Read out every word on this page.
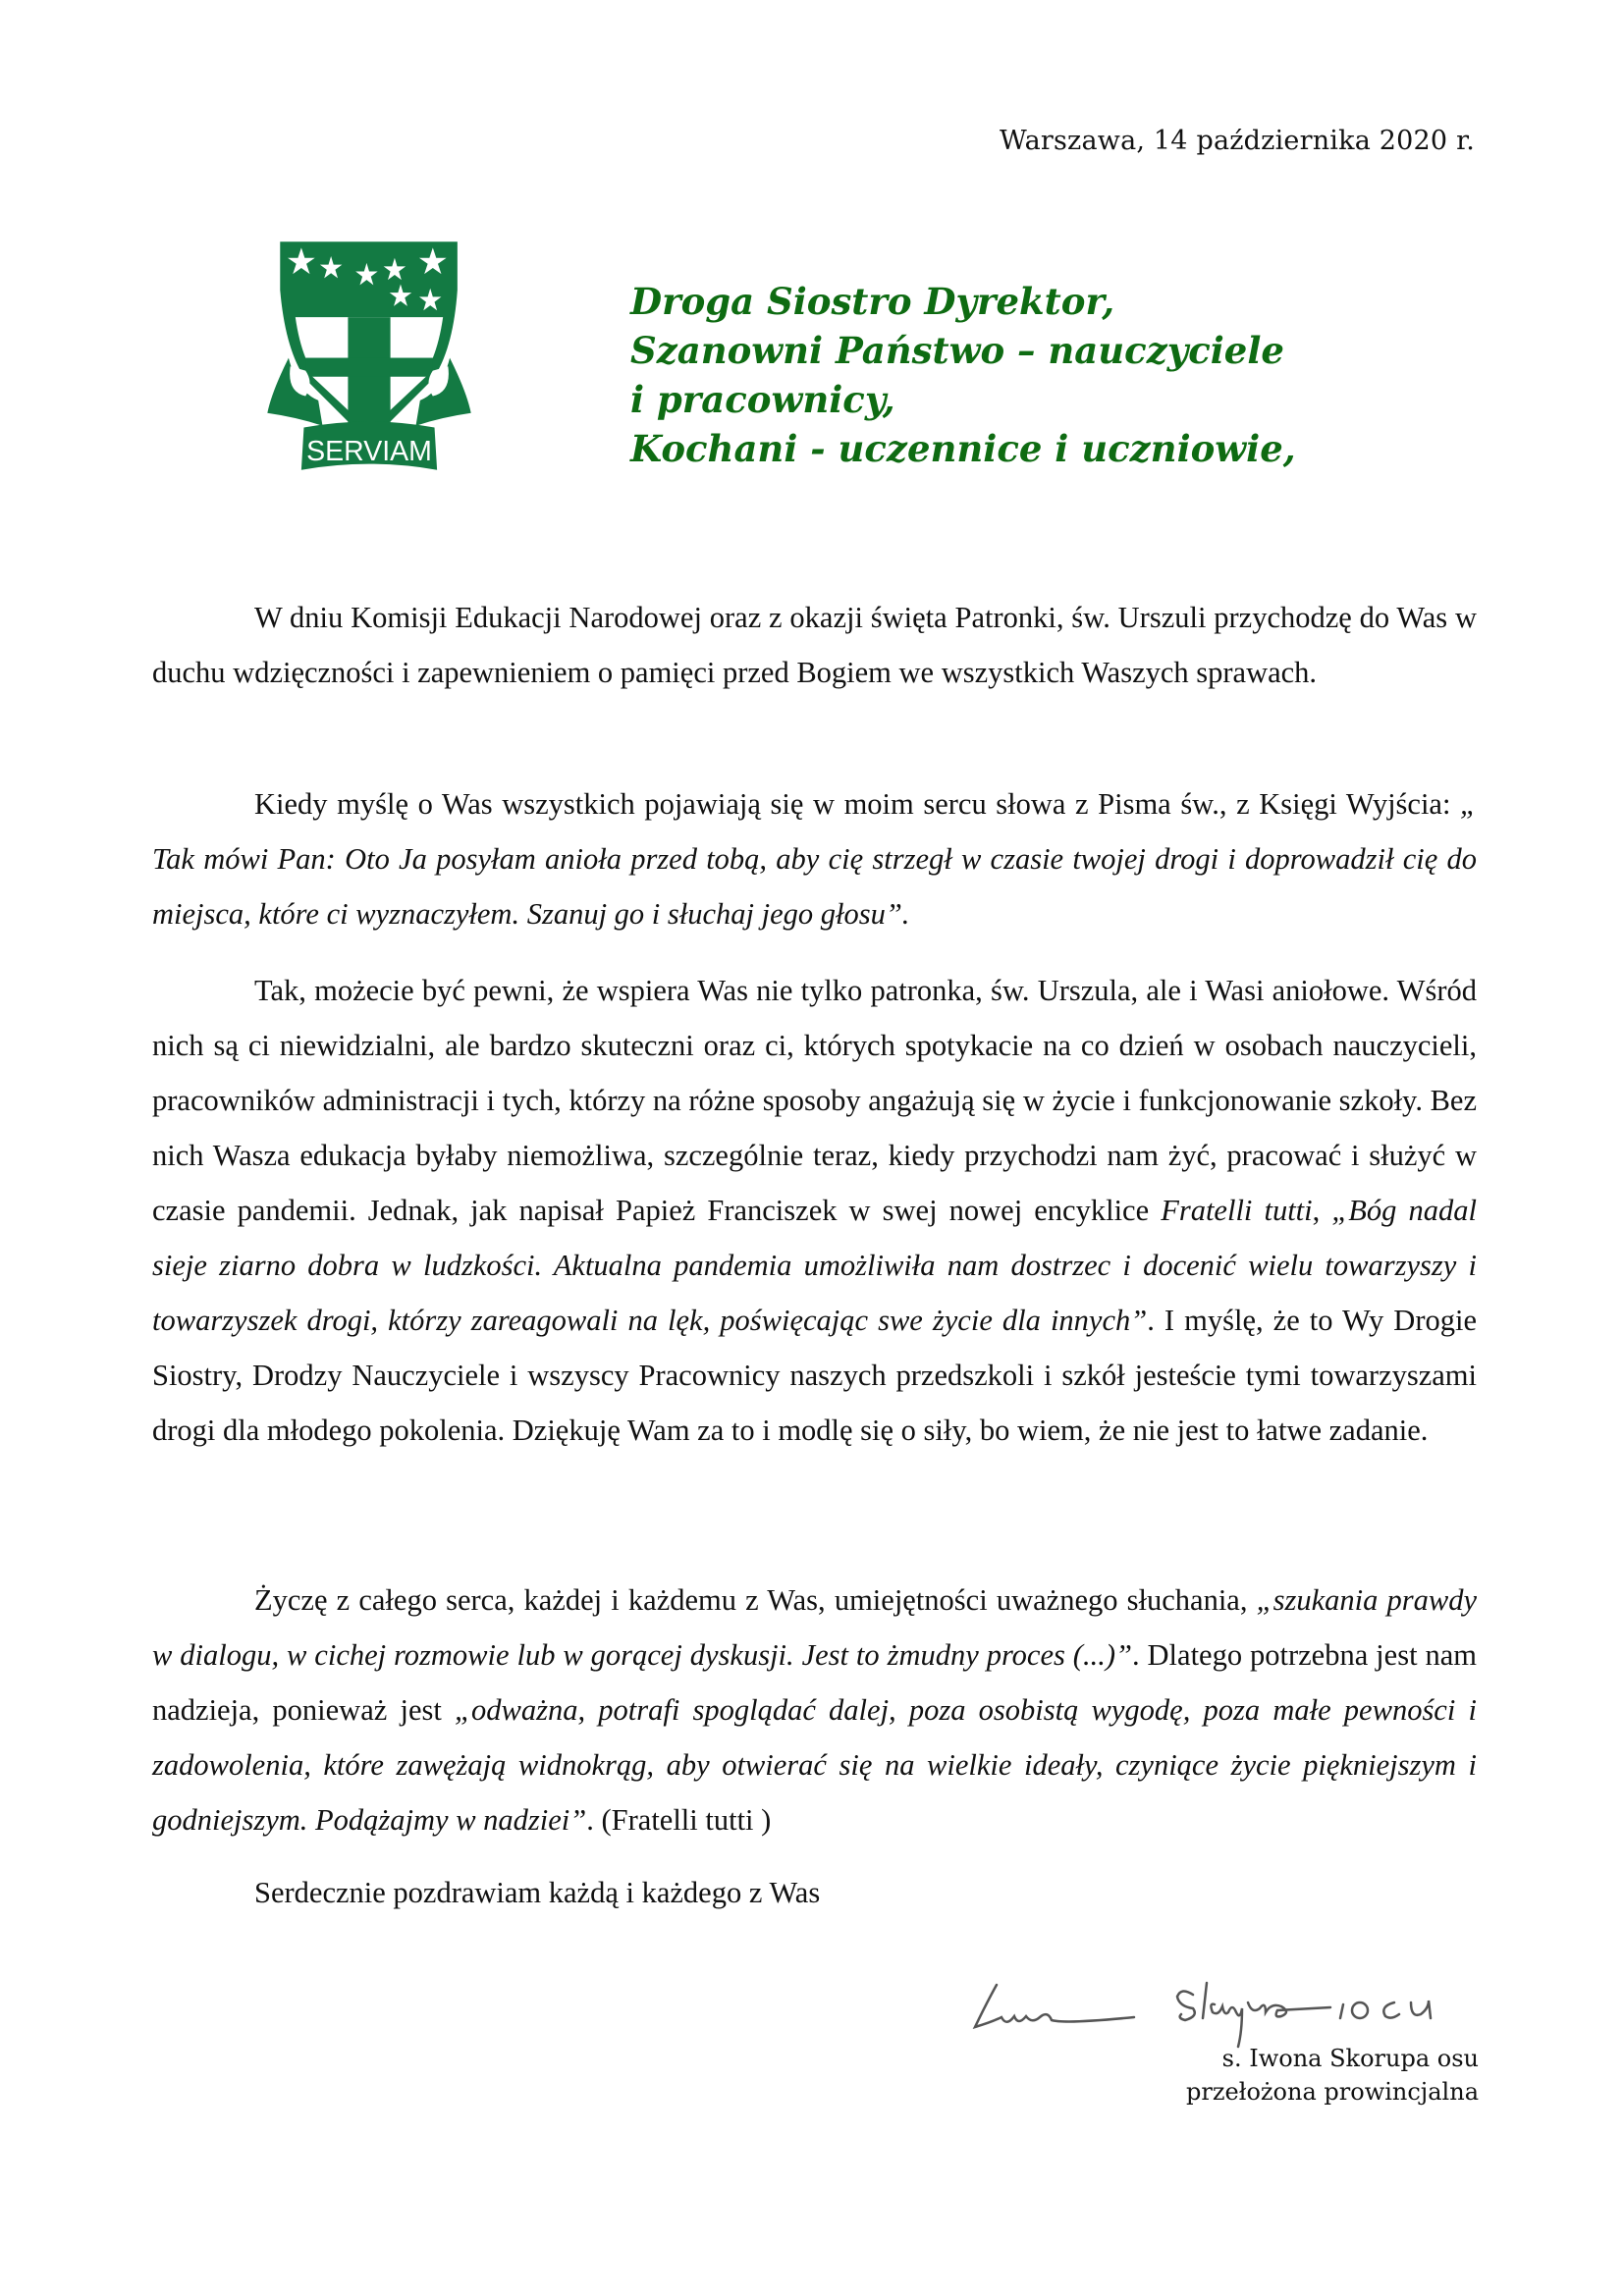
Warszawa, 14 października 2020 r.
SERVIAM
Droga Siostro Dyrektor,
Szanowni Państwo – nauczyciele
i pracownicy,
Kochani - uczennice i uczniowie,

W dniu Komisji Edukacji Narodowej oraz z okazji święta Patronki, św. Urszuli przychodzę do Was w duchu wdzięczności i zapewnieniem o pamięci przed Bogiem we wszystkich Waszych sprawach.

Kiedy myślę o Was wszystkich pojawiają się w moim sercu słowa z Pisma św., z Księgi Wyjścia: „ Tak mówi Pan: Oto Ja posyłam anioła przed tobą, aby cię strzegł w czasie twojej drogi i doprowadził cię do miejsca, które ci wyznaczyłem. Szanuj go i słuchaj jego głosu”.

Tak, możecie być pewni, że wspiera Was nie tylko patronka, św. Urszula, ale i Wasi aniołowe. Wśród nich są ci niewidzialni, ale bardzo skuteczni oraz ci, których spotykacie na co dzień w osobach nauczycieli, pracowników administracji i tych, którzy na różne sposoby angażują się w życie i funkcjonowanie szkoły. Bez nich Wasza edukacja byłaby niemożliwa, szczególnie teraz, kiedy przychodzi nam żyć, pracować i służyć w czasie pandemii. Jednak, jak napisał Papież Franciszek w swej nowej encyklice Fratelli tutti, „Bóg nadal sieje ziarno dobra w ludzkości. Aktualna pandemia umożliwiła nam dostrzec i docenić wielu towarzyszy i towarzyszek drogi, którzy zareagowali na lęk, poświęcając swe życie dla innych”. I myślę, że to Wy Drogie Siostry, Drodzy Nauczyciele i wszyscy Pracownicy naszych przedszkoli i szkół jesteście tymi towarzyszami drogi dla młodego pokolenia. Dziękuję Wam za to i modlę się o siły, bo wiem, że nie jest to łatwe zadanie.

Życzę z całego serca, każdej i każdemu z Was, umiejętności uważnego słuchania, „szukania prawdy w dialogu, w cichej rozmowie lub w gorącej dyskusji. Jest to żmudny proces (...)”. Dlatego potrzebna jest nam nadzieja, ponieważ jest „odważna, potrafi spoglądać dalej, poza osobistą wygodę, poza małe pewności i zadowolenia, które zawężają widnokrąg, aby otwierać się na wielkie ideały, czyniące życie piękniejszym i godniejszym. Podążajmy w nadziei”. (Fratelli tutti )

Serdecznie pozdrawiam każdą i każdego z Was
s. Iwona Skorupa osu
przełożona prowincjalna
